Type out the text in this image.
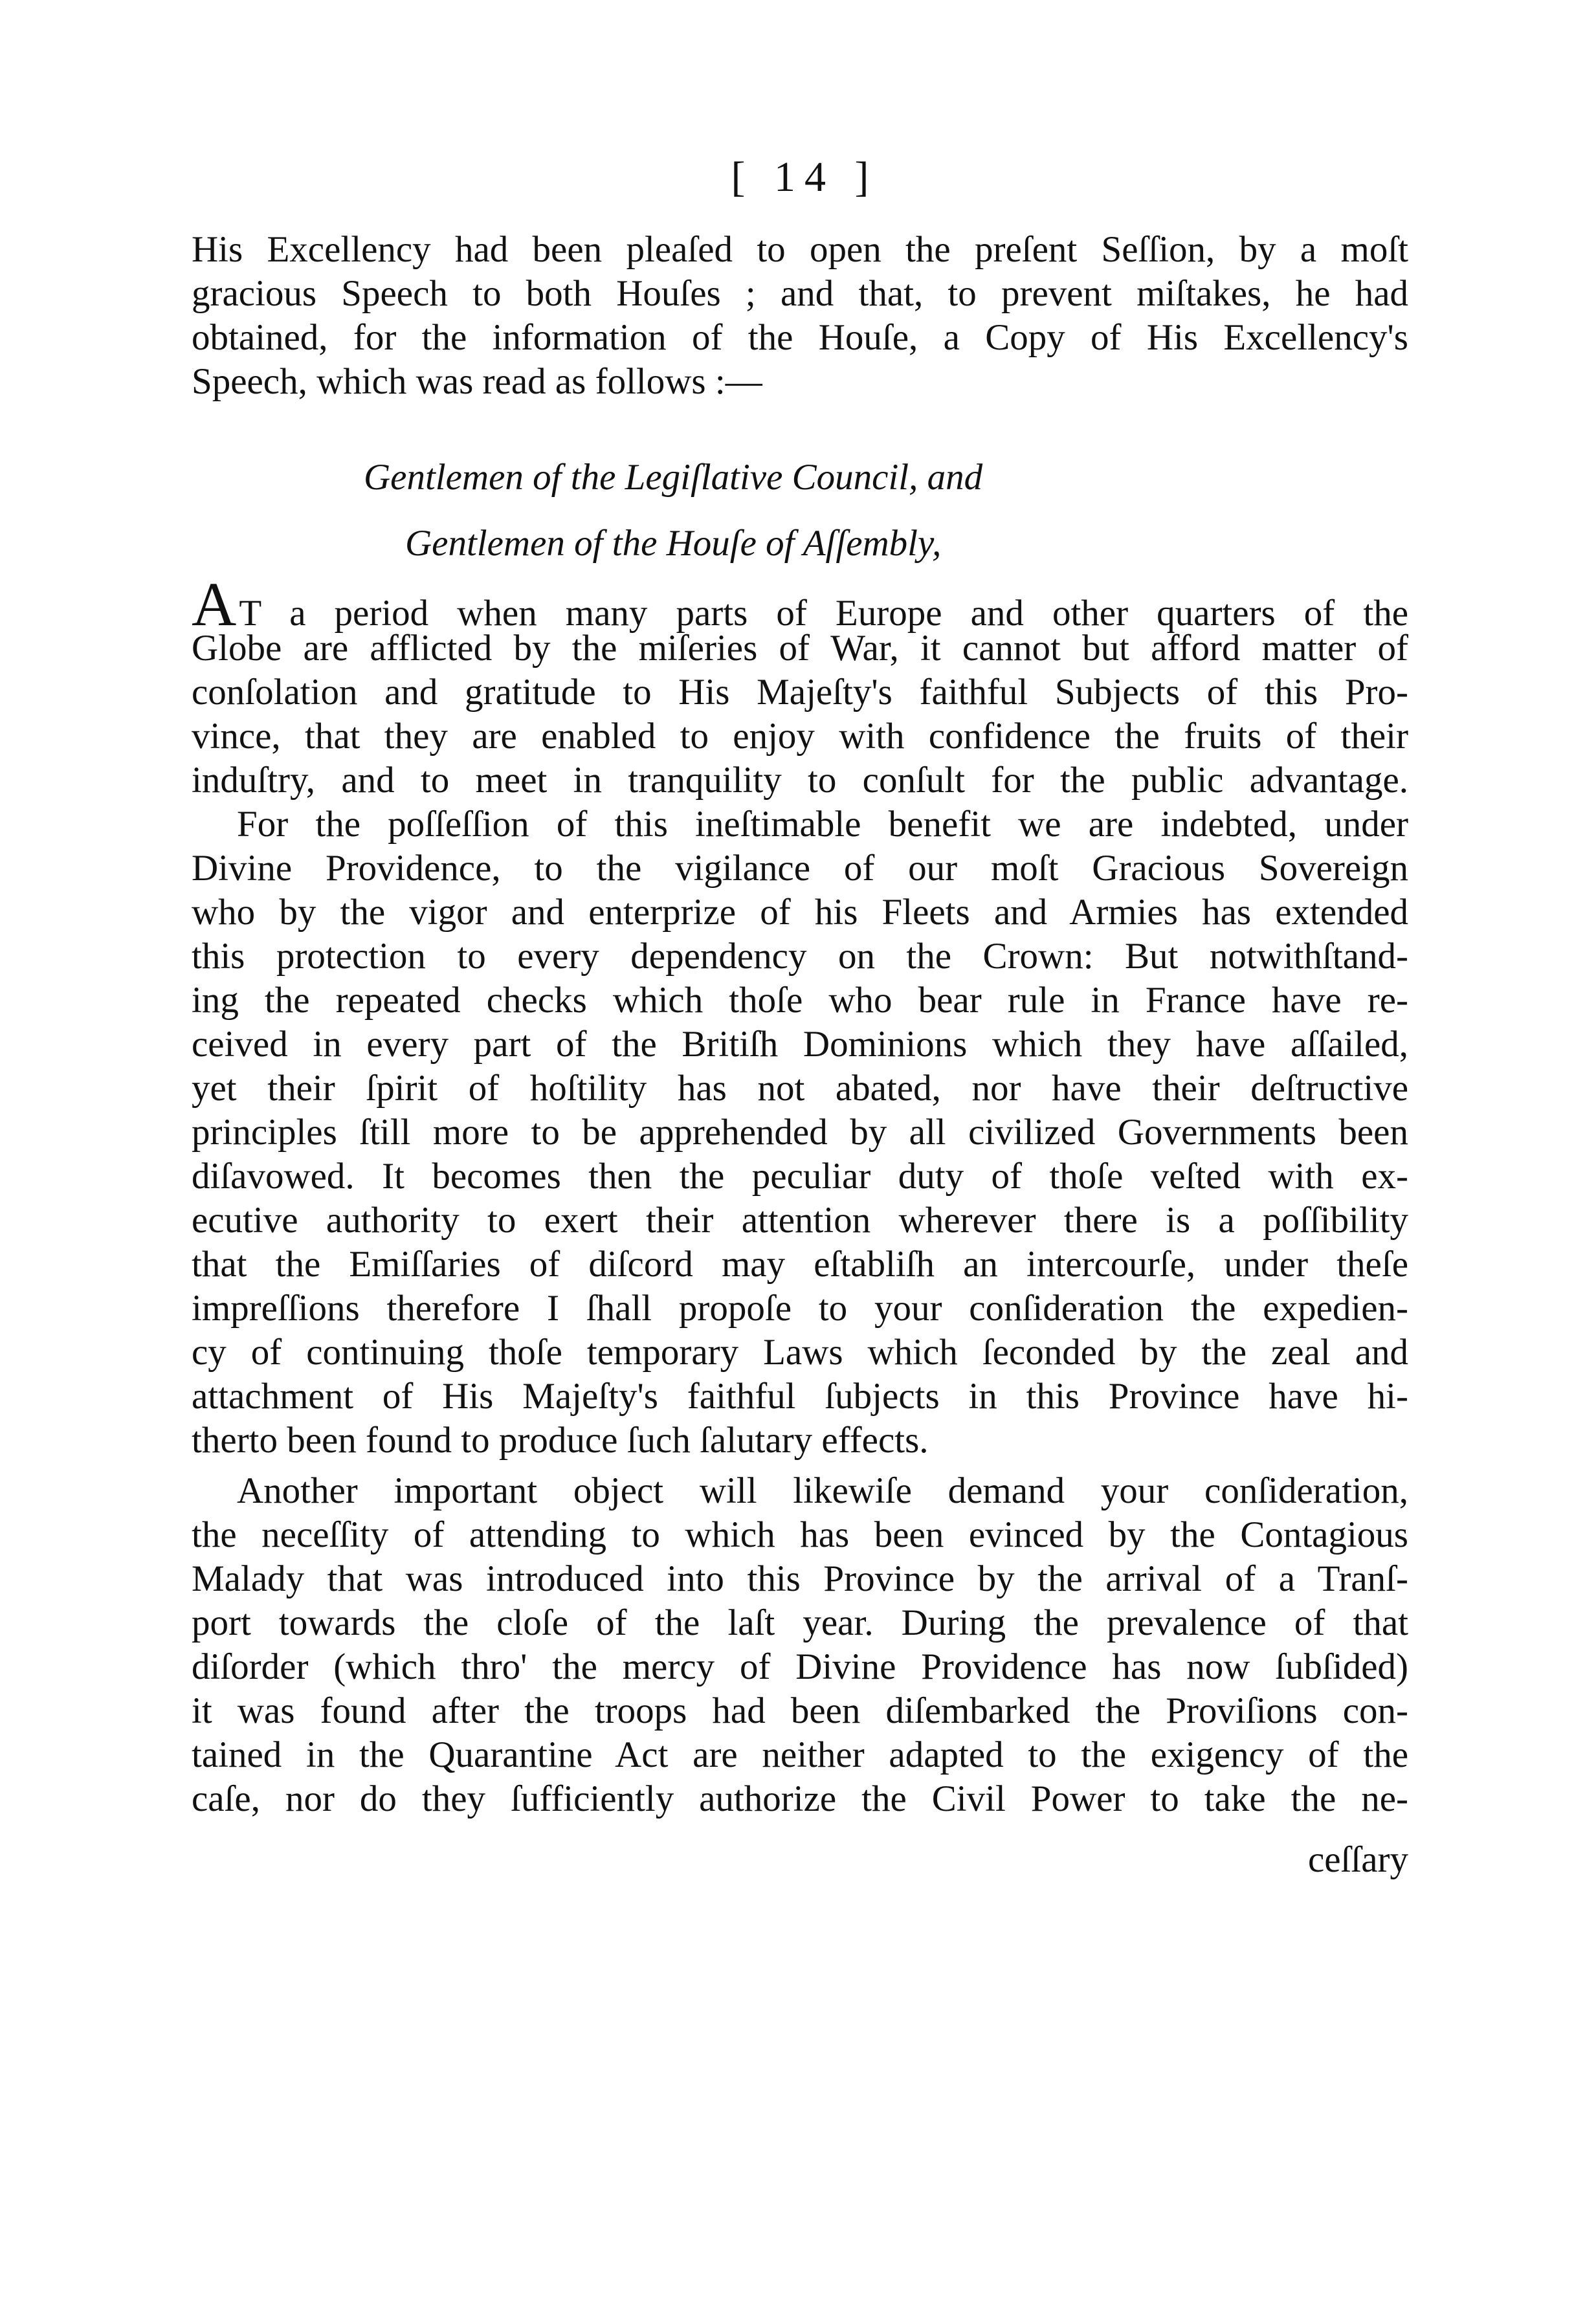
[ 14 ]
His Excellency had been pleaſed to open the preſent Seſſion, by a moſt
gracious Speech to both Houſes ; and that, to prevent miſtakes, he had
obtained, for the information of the Houſe, a Copy of His Excellency's
Speech, which was read as follows :—
Gentlemen of the Legiſlative Council, and
Gentlemen of the Houſe of Aſſembly,
AT a period when many parts of Europe and other quarters of the
Globe are afflicted by the miſeries of War, it cannot but afford matter of
conſolation and gratitude to His Majeſty's faithful Subjects of this Pro-
vince, that they are enabled to enjoy with confidence the fruits of their
induſtry, and to meet in tranquility to conſult for the public advantage.
For the poſſeſſion of this ineſtimable benefit we are indebted, under
Divine Providence, to the vigilance of our moſt Gracious Sovereign
who by the vigor and enterprize of his Fleets and Armies has extended
this protection to every dependency on the Crown: But notwithſtand-
ing the repeated checks which thoſe who bear rule in France have re-
ceived in every part of the Britiſh Dominions which they have aſſailed,
yet their ſpirit of hoſtility has not abated, nor have their deſtructive
principles ſtill more to be apprehended by all civilized Governments been
diſavowed. It becomes then the peculiar duty of thoſe veſted with ex-
ecutive authority to exert their attention wherever there is a poſſibility
that the Emiſſaries of diſcord may eſtabliſh an intercourſe, under theſe
impreſſions therefore I ſhall propoſe to your conſideration the expedien-
cy of continuing thoſe temporary Laws which ſeconded by the zeal and
attachment of His Majeſty's faithful ſubjects in this Province have hi-
therto been found to produce ſuch ſalutary effects.
Another important object will likewiſe demand your conſideration,
the neceſſity of attending to which has been evinced by the Contagious
Malady that was introduced into this Province by the arrival of a Tranſ-
port towards the cloſe of the laſt year. During the prevalence of that
diſorder (which thro' the mercy of Divine Providence has now ſubſided)
it was found after the troops had been diſembarked the Proviſions con-
tained in the Quarantine Act are neither adapted to the exigency of the
caſe, nor do they ſufficiently authorize the Civil Power to take the ne-
ceſſary
